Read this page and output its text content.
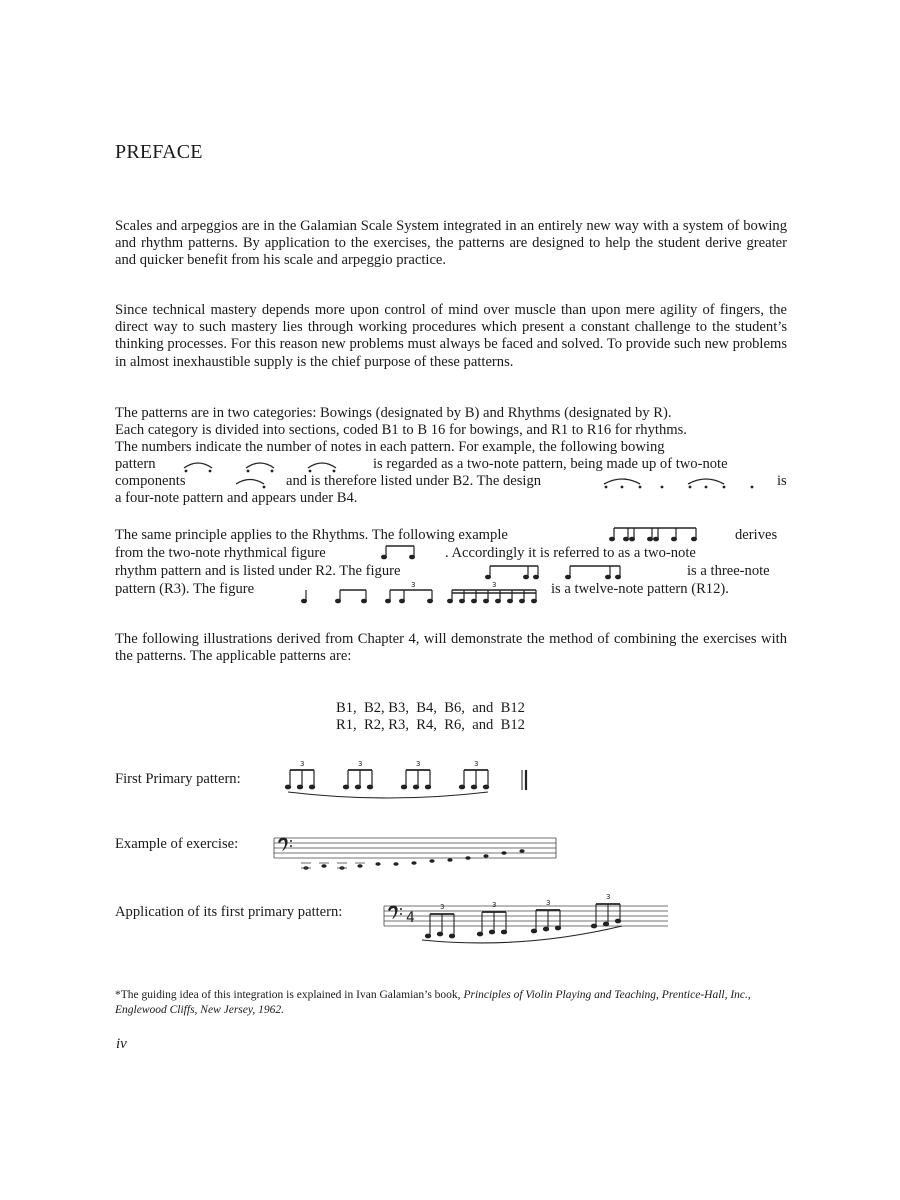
PREFACE

Scales and arpeggios are in the Galamian Scale System integrated in an entirely new way with a system of bowing and rhythm patterns. By application to the exercises, the patterns are designed to help the student derive greater and quicker benefit from his scale and arpeggio practice.

Since technical mastery depends more upon control of mind over muscle than upon mere agility of fingers, the direct way to such mastery lies through working procedures which present a constant challenge to the student’s thinking processes. For this reason new problems must always be faced and solved. To provide such new problems in almost inexhaustible supply is the chief purpose of these patterns.

The patterns are in two categories: Bowings (designated by B) and Rhythms (designated by R).
Each category is divided into sections, coded B1 to B 16 for bowings, and R1 to R16 for rhythms.
The numbers indicate the number of notes in each pattern. For example, the following bowing
pattern	is regarded as a two-note pattern, being made up of two-note
components	and is therefore listed under B2. The design	is
a four-note pattern and appears under B4.
The same principle applies to the Rhythms. The following example	derives
from the two-note rhythmical figure	. Accordingly it is referred to as a two-note
rhythm pattern and is listed under R2. The figure	is a three-note
pattern (R3). The figure	is a twelve-note pattern (R12).
3	3

The following illustrations derived from Chapter 4, will demonstrate the method of combining the exercises with the patterns. The applicable patterns are:

B1,  B2, B3,  B4,  B6,  and  B12
R1,  R2, R3,  R4,  R6,  and  B12
First Primary pattern:
3	3	3	3
Example of exercise:
Application of its first primary pattern:	4
3	3	3
3
*The guiding idea of this integration is explained in Ivan Galamian’s book, Principles of Violin Playing and Teaching, Prentice-Hall, Inc., Englewood Cliffs, New Jersey, 1962.
iv
